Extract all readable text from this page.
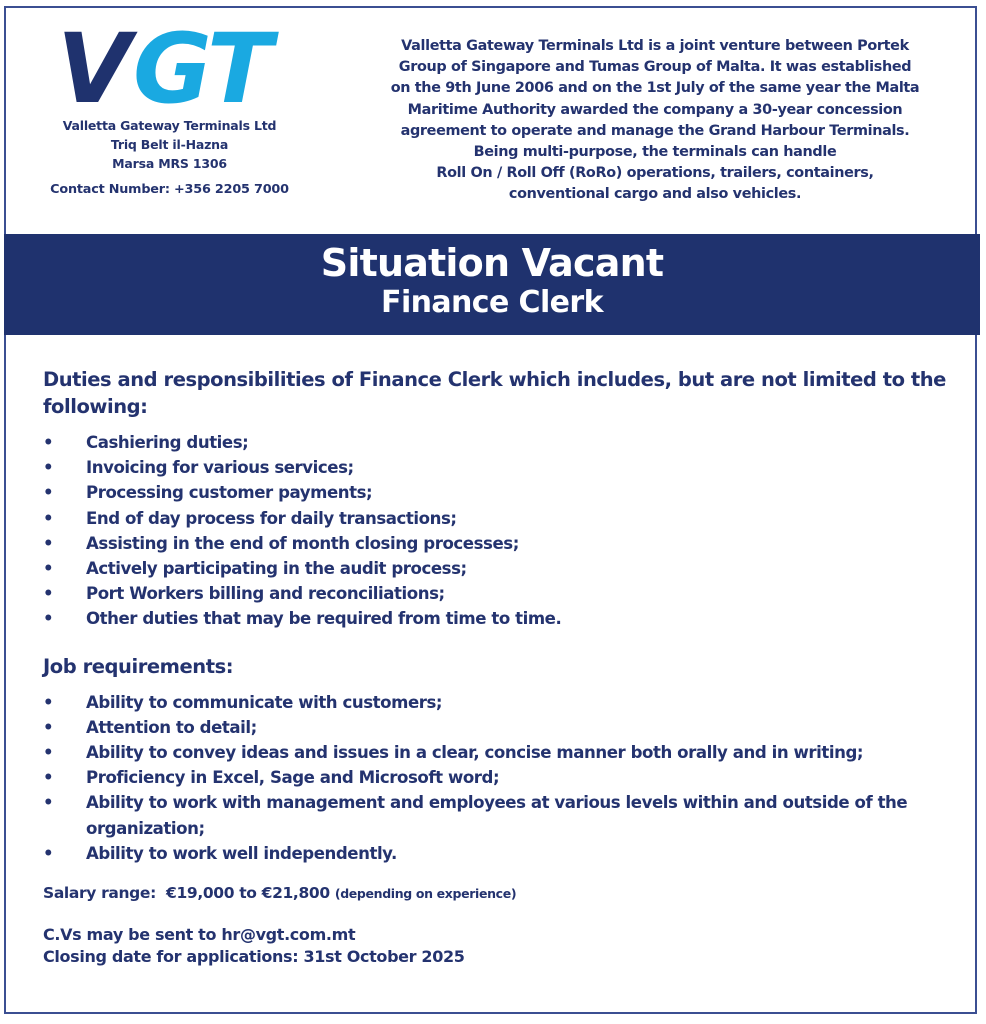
V G
T
Valletta Gateway Terminals Ltd
Triq Belt il-Hazna
Marsa MRS 1306
Contact Number: +356 2205 7000
Valletta Gateway Terminals Ltd is a joint venture between Portek
Group of Singapore and Tumas Group of Malta. It was established
on the 9th June 2006 and on the 1st July of the same year the Malta
Maritime Authority awarded the company a 30-year concession
agreement to operate and manage the Grand Harbour Terminals.
Being multi-purpose, the terminals can handle
Roll On / Roll Off (RoRo) operations, trailers, containers,
conventional cargo and also vehicles.
Situation Vacant
Finance Clerk
Duties and responsibilities of Finance Clerk which includes, but are not limited to the following:
•	Cashiering duties;
•	Invoicing for various services;
•	Processing customer payments;
•	End of day process for daily transactions;
•	Assisting in the end of month closing processes;
•	Actively participating in the audit process;
•	Port Workers billing and reconciliations;
•	Other duties that may be required from time to time.
Job requirements:
•	Ability to communicate with customers;
•	Attention to detail;
•	Ability to convey ideas and issues in a clear, concise manner both orally and in writing;
•	Proficiency in Excel, Sage and Microsoft word;
•	Ability to work with management and employees at various levels within and outside of the organization;
•	Ability to work well independently.
Salary range: €19,000 to €21,800 (depending on experience)
C.Vs may be sent to hr@vgt.com.mt
Closing date for applications: 31st October 2025
